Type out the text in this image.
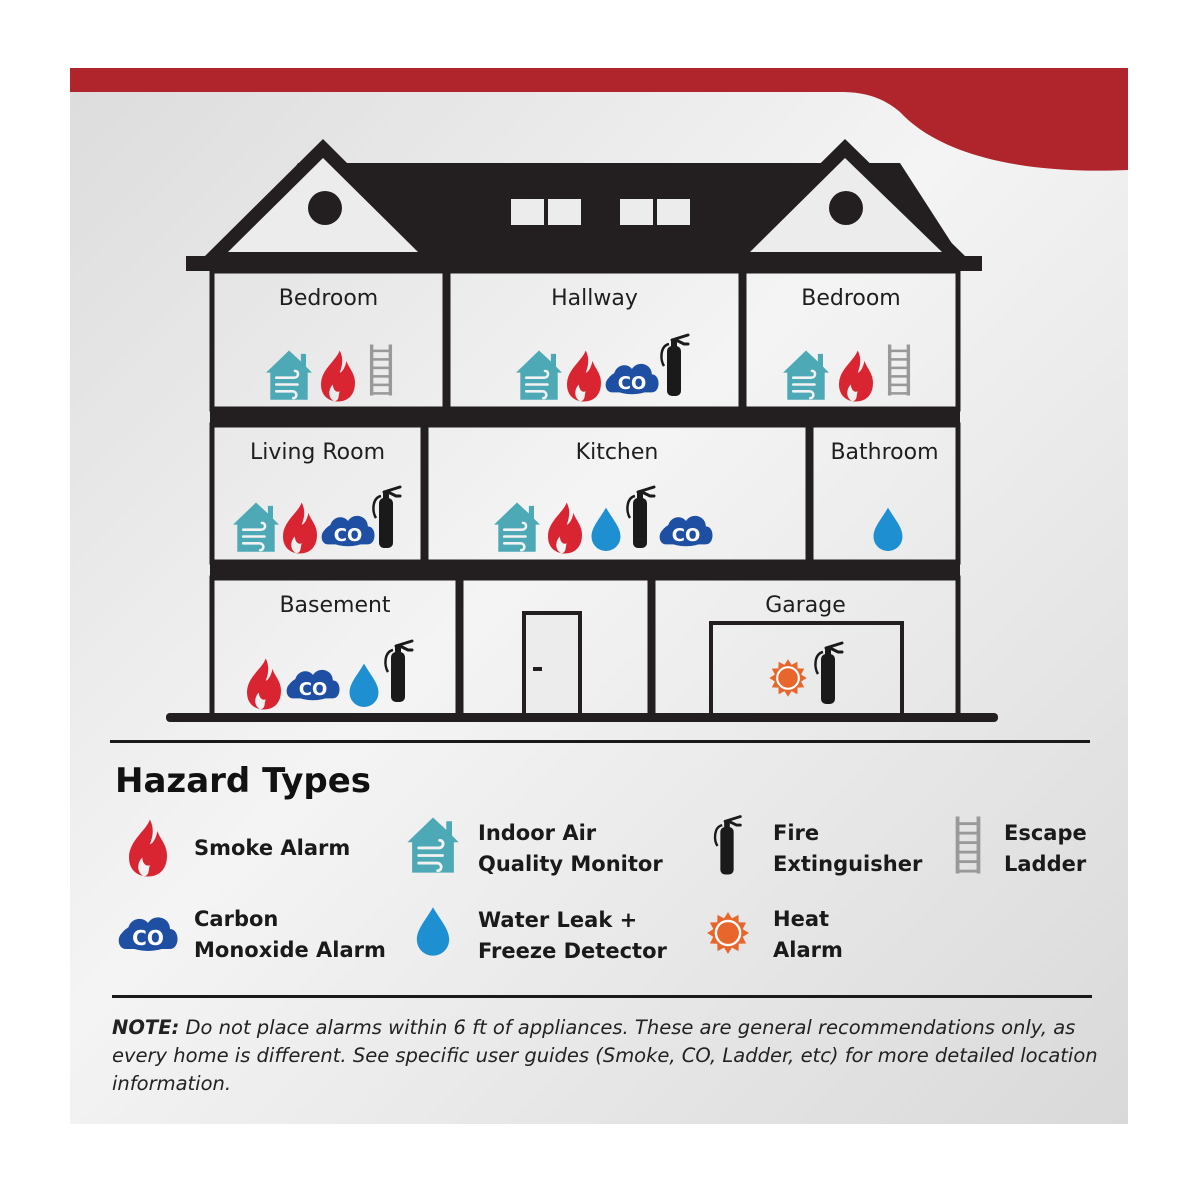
Bedroom	Hallway
CO
Bedroom
Living Room
CO
Kitchen
CO
Bathroom
Basement
CO
Garage
Hazard Types
Smoke Alarm
Indoor Air
Quality Monitor
Fire
Extinguisher
Escape
Ladder
CO
Carbon
Monoxide Alarm
Water Leak +
Freeze Detector
Heat
Alarm

NOTE: Do not place alarms within 6 ft of appliances. These are general recommendations only, as every home is different. See specific user guides (Smoke, CO, Ladder, etc) for more detailed location information.
